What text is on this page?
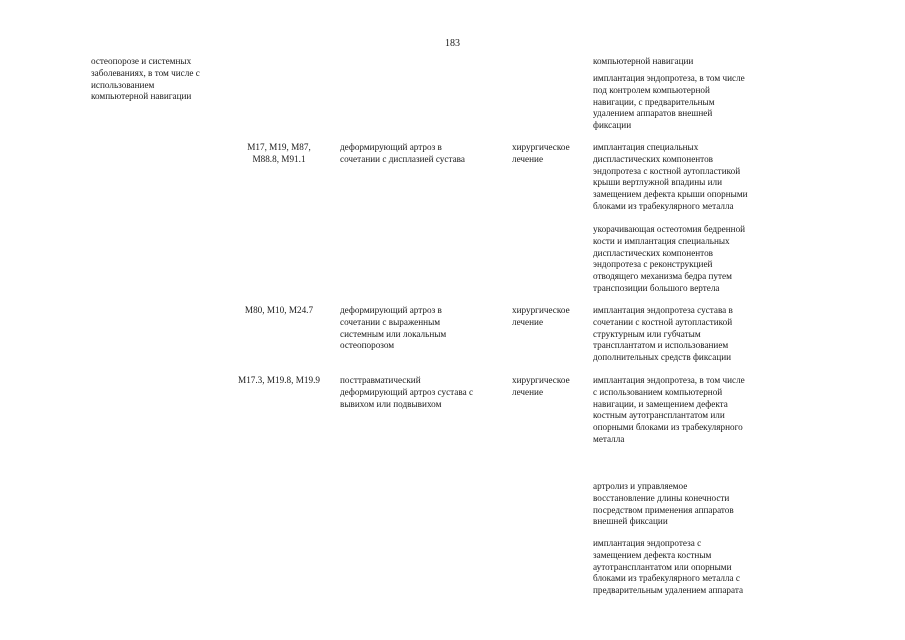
183
остеопорозе и системных
заболеваниях, в том числе с
использованием
компьютерной навигации
компьютерной навигации
имплантация эндопротеза, в том числе
под контролем компьютерной
навигации, с предварительным
удалением аппаратов внешней
фиксации
M17, M19, M87,
M88.8, M91.1
деформирующий артроз в
сочетании с дисплазией сустава
хирургическое
лечение
имплантация специальных
диспластических компонентов
эндопротеза с костной аутопластикой
крыши вертлужной впадины или
замещением дефекта крыши опорными
блоками из трабекулярного металла
укорачивающая остеотомия бедренной
кости и имплантация специальных
диспластических компонентов
эндопротеза с реконструкцией
отводящего механизма бедра путем
транспозиции большого вертела
M80, M10, M24.7	деформирующий артроз в
сочетании с выраженным
системным или локальным
остеопорозом
хирургическое
лечение
имплантация эндопротеза сустава в
сочетании с костной аутопластикой
структурным или губчатым
трансплантатом и использованием
дополнительных средств фиксации
M17.3, M19.8, M19.9	посттравматический
деформирующий артроз сустава с
вывихом или подвывихом
хирургическое
лечение
имплантация эндопротеза, в том числе
с использованием компьютерной
навигации, и замещением дефекта
костным аутотрансплантатом или
опорными блоками из трабекулярного
металла
артролиз и управляемое
восстановление длины конечности
посредством применения аппаратов
внешней фиксации
имплантация эндопротеза с
замещением дефекта костным
аутотрансплантатом или опорными
блоками из трабекулярного металла с
предварительным удалением аппарата
